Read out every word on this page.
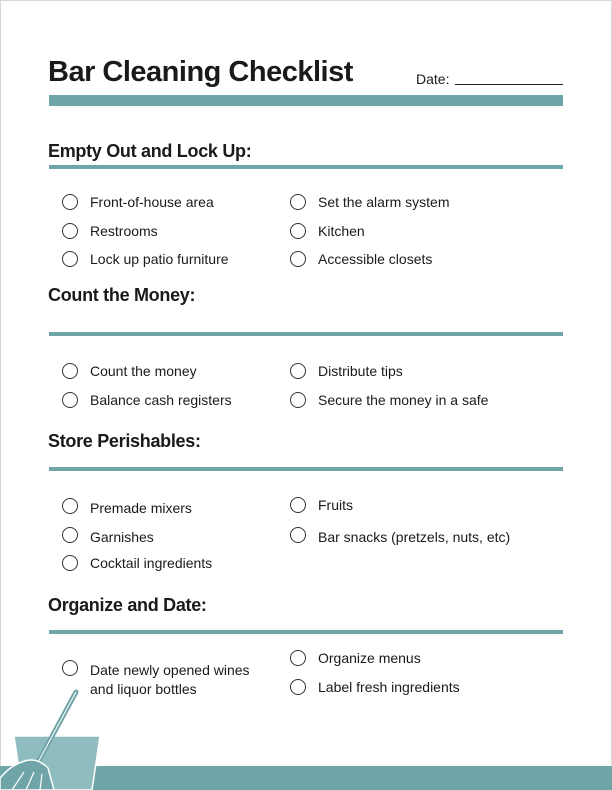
Bar Cleaning Checklist	Date:
Empty Out and Lock Up:
Front-of-house area
Restrooms
Lock up patio furniture
Set the alarm system
Kitchen
Accessible closets
Count the Money:
Count the money
Balance cash registers
Distribute tips
Secure the money in a safe
Store Perishables:
Premade mixers
Garnishes
Cocktail ingredients
Fruits
Bar snacks (pretzels, nuts, etc)
Organize and Date:
Date newly opened wines
and liquor bottles
Organize menus
Label fresh ingredients
